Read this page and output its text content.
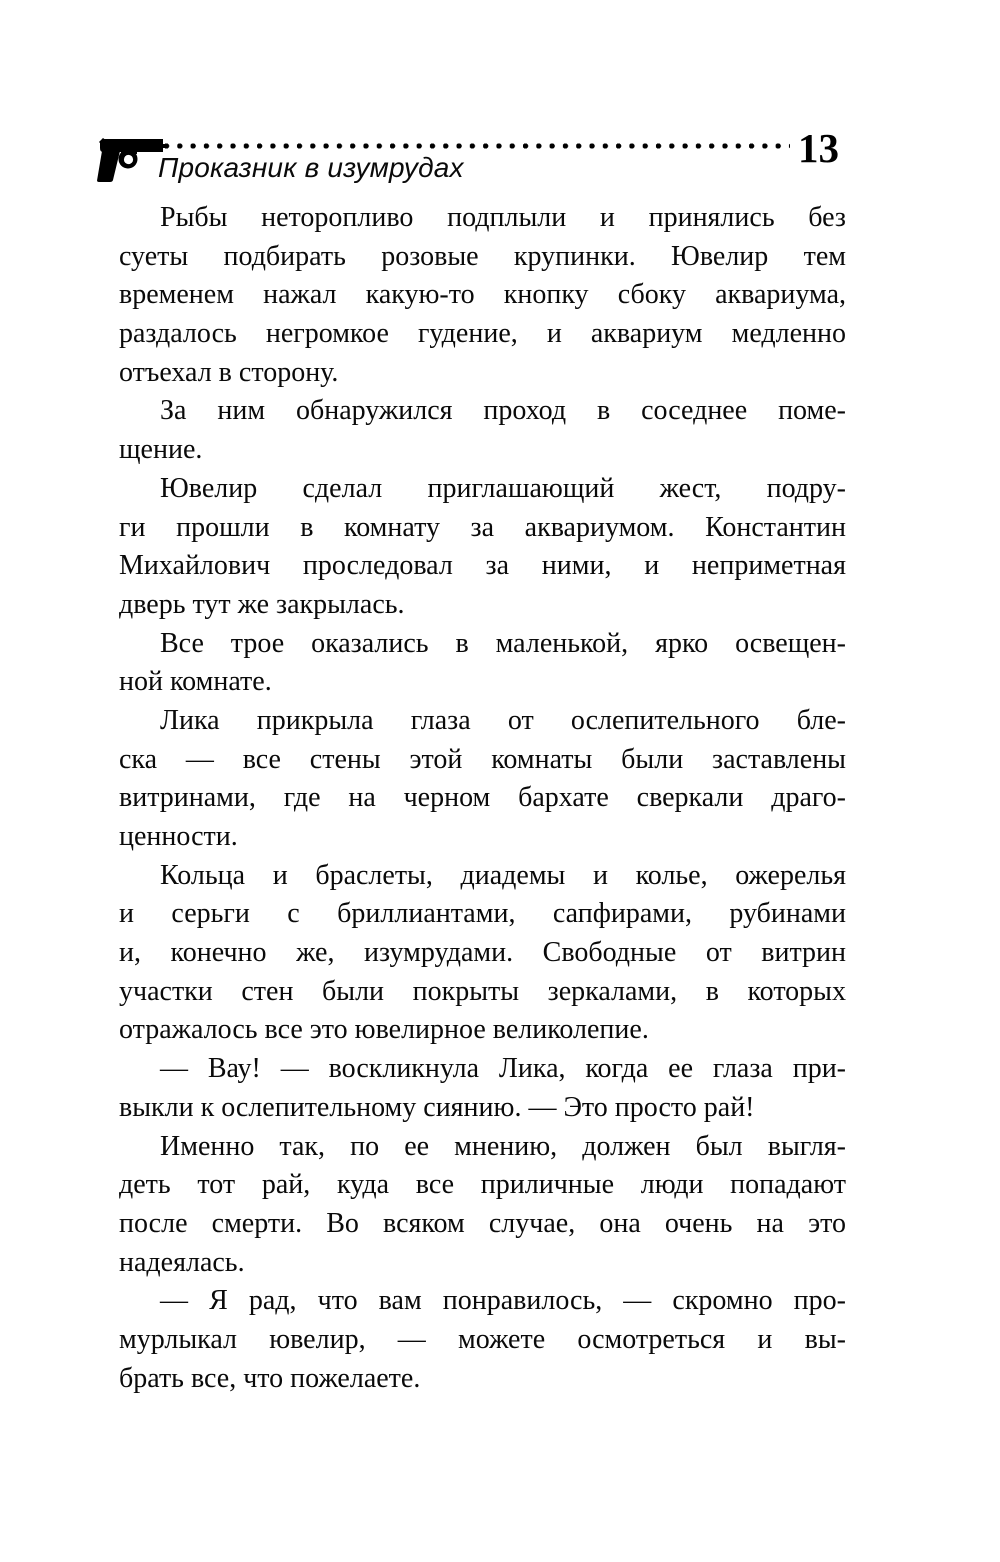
13
Проказник в изумрудах
Рыбы неторопливо подплыли и принялись без
суеты подбирать розовые крупинки. Ювелир тем
временем нажал какую-то кнопку сбоку аквариума,
раздалось негромкое гудение, и аквариум медленно
отъехал в сторону.
За ним обнаружился проход в соседнее поме-
щение.
Ювелир сделал приглашающий жест, подру-
ги прошли в комнату за аквариумом. Константин
Михайлович проследовал за ними, и неприметная
дверь тут же закрылась.
Все трое оказались в маленькой, ярко освещен-
ной комнате.
Лика прикрыла глаза от ослепительного бле-
ска — все стены этой комнаты были заставлены
витринами, где на черном бархате сверкали драго-
ценности.
Кольца и браслеты, диадемы и колье, ожерелья
и серьги с бриллиантами, сапфирами, рубинами
и, конечно же, изумрудами. Свободные от витрин
участки стен были покрыты зеркалами, в которых
отражалось все это ювелирное великолепие.
— Вау! — воскликнула Лика, когда ее глаза при-
выкли к ослепительному сиянию. — Это просто рай!
Именно так, по ее мнению, должен был выгля-
деть тот рай, куда все приличные люди попадают
после смерти. Во всяком случае, она очень на это
надеялась.
— Я рад, что вам понравилось, — скромно про-
мурлыкал ювелир, — можете осмотреться и вы-
брать все, что пожелаете.
